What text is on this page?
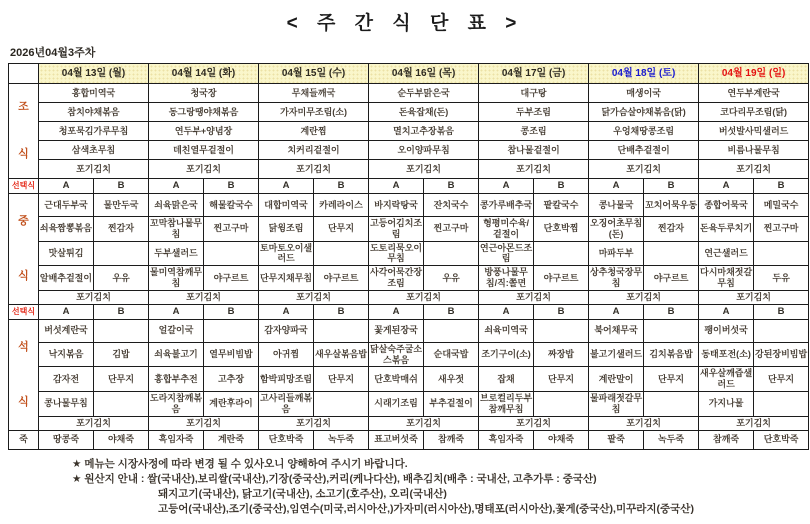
< 주 간 식 단 표 >
2026년04월3주차
	04월 13일 (월)		04월 14일 (화)		04월 15일 (수)		04월 16일 (목)		04월 17일 (금)		04월 18일 (토)		04월 19일 (일)	

조
식	홍합미역국		청국장		무채들깨국		순두부맑은국		대구탕		매생이국		연두부계란국	
	참치야채볶음		동그랑땡야채볶음		가자미무조림(소)		돈육잡채(돈)		두부조림		닭가슴살야채볶음(닭)		코다리무조림(닭)	
	청포묵김가루무침		연두부+양념장		계란찜		멸치고추장볶음		콩조림		우엉채땅콩조림		버섯발사믹샐러드	
	삼색초무침		데친열무겉절이		치커리겉절이		오이양파무침		참나물겉절이		단배추겉절이		비름나물무침	
	포기김치		포기김치		포기김치		포기김치		포기김치		포기김치		포기김치	
선택식	A	B	A	B	A	B	A	B	A	B	A	B	A	B

중
식	근대두부국	물만두국	쇠육맑은국	해물칼국수	대합미역국	카레라이스	바지락탕국	잔치국수	콩가루배추국	팥칼국수	콩나물국	꼬치어묵우동	종합어묵국	메밀국수
	쇠육짬뽕볶음	찐감자	꼬막참나물무침	찐고구마	닭윙조림	단무지	고등어김치조림	찐고구마	형평미수육/겉절이	단호박찜	오징어초무침(돈)	찐감자	돈육두루치기	찐고구마
	맛살튀김		두부샐러드		토마토오이샐러드		도토리묵오이무침		연근아몬드조림		마파두부		연근샐러드	
	알배추겉절이	우유	물미역참깨무침	야구르트	단무지채무침	야구르트	사각어묵간장조림	우유	방풍나물무침/직:쫄면	야구르트	상추청국장무침	야구르트	다시마채젓갈무침	두유
	포기김치		포기김치		포기김치		포기김치		포기김치		포기김치		포기김치	
선택식	A	B	A	B	A	B	A	B	A	B	A	B	A	B

석
식	버섯계란국		얼갈이국		감자양파국		꽃게된장국		쇠육미역국		북어채무국		팽이버섯국	
	낙지볶음	김밥	쇠육불고기	열무비빔밥	아귀찜	새우살볶음밥	닭살숙주굴소스볶음	순대국밥	조기구이(소)	짜장밥	불고기샐러드	김치볶음밥	동태포전(소)	강된장비빔밥
	감자전	단무지	홍합부추전	고추장	함박피망조림	단무지	단호박매쉬	새우젓	잡채	단무지	계란말이	단무지	새우살깨즙샐러드	단무지
	콩나물무침		도라지참깨볶음	계란후라이	고사리들깨볶음		시래기조림	부추겉절이	브로컬리두부참깨무침		물파래젓갈무침		가지나물	
	포기김치		포기김치		포기김치		포기김치		포기김치		포기김치		포기김치	
죽	땅콩죽	야채죽	흑임자죽	계란죽	단호박죽	녹두죽	표고버섯죽	참깨죽	흑임자죽	야채죽	팥죽	녹두죽	참깨죽	단호박죽
★ 메뉴는 시장사정에 따라 변경 될 수 있사오니 양해하여 주시기 바랍니다.
★ 원산지 안내 : 쌀(국내산),보리쌀(국내산),기장(중국산),커리(케나다산), 배추김치(배추 : 국내산, 고추가루 : 중국산)
돼지고기(국내산), 닭고기(국내산), 소고기(호주산), 오리(국내산)
고등어(국내산),조기(중국산),임연수(미국,러시아산,)가자미(러시아산),명태포(러시아산),꽃게(중국산),미꾸라지(중국산)
